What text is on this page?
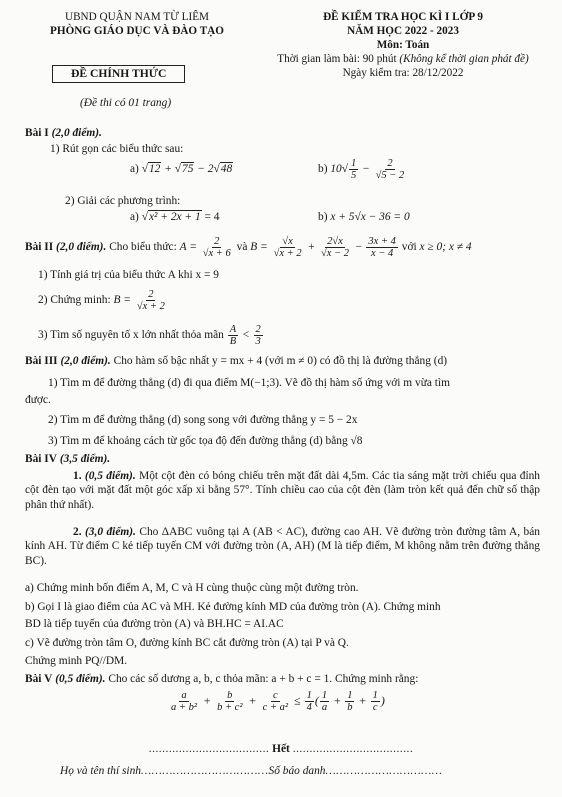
UBND QUẬN NAM TỪ LIÊM
PHÒNG GIÁO DỤC VÀ ĐÀO TẠO
ĐỀ KIỂM TRA HỌC KÌ I LỚP 9
NĂM HỌC 2022 - 2023
Môn: Toán
Thời gian làm bài: 90 phút (Không kể thời gian phát đề)
Ngày kiểm tra: 28/12/2022
ĐỀ CHÍNH THỨC
(Đề thi có 01 trang)
Bài I (2,0 điểm).
1) Rút gọn các biểu thức sau:
a) √12 + √75 − 2√48	b) $10√ \frac{1}{5} - \frac{2}{√5 - 2}$
2) Giải các phương trình:
a) √x² + 2x + 1 = 4	b) x + 5√x − 36 = 0
Bài II (2,0 điểm). Cho biểu thức: $A = \frac{2}{√x + 6}$ và $B = \frac{√x}{√x + 2} + \frac{2√x}{√x - 2} - \frac{3x + 4}{x - 4}$ với x ≥ 0; x ≠ 4
1) Tính giá trị của biểu thức A khi x = 9
2) Chứng minh: $B = \frac{2}{√x + 2}$
3) Tìm số nguyên tố x lớn nhất thỏa mãn $\frac{A}{B} < \frac{2}{3}$
Bài III (2,0 điểm). Cho hàm số bậc nhất y = mx + 4 (với m ≠ 0) có đồ thị là đường thẳng (d)
1) Tìm m để đường thẳng (d) đi qua điểm M(−1;3). Vẽ đồ thị hàm số ứng với m vừa tìm
được.
2) Tìm m để đường thẳng (d) song song với đường thẳng y = 5 − 2x
3) Tìm m để khoảng cách từ gốc tọa độ đến đường thẳng (d) bằng √8
Bài IV (3,5 điểm).
1. (0,5 điểm). Một cột đèn có bóng chiếu trên mặt đất dài 4,5m. Các tia sáng mặt trời chiếu qua đỉnh cột đèn tạo với mặt đất một góc xấp xỉ bằng 57°. Tính chiều cao của cột đèn (làm tròn kết quả đến chữ số thập phân thứ nhất).
2. (3,0 điểm). Cho ΔABC vuông tại A (AB < AC), đường cao AH. Vẽ đường tròn đường tâm A, bán kính AH. Từ điểm C kẻ tiếp tuyến CM với đường tròn (A, AH) (M là tiếp điểm, M không nằm trên đường thẳng BC).
a) Chứng minh bốn điểm A, M, C và H cùng thuộc cùng một đường tròn.
b) Gọi I là giao điểm của AC và MH. Kẻ đường kính MD của đường tròn (A). Chứng minh
BD là tiếp tuyến của đường tròn (A) và BH.HC = AI.AC
c) Vẽ đường tròn tâm O, đường kính BC cắt đường tròn (A) tại P và Q.
Chứng minh PQ//DM.
Bài V (0,5 điểm). Cho các số dương a, b, c thỏa mãn: a + b + c = 1. Chứng minh rằng:
$\frac{a}{\text{a + b²}} + \frac{b}{\text{b + c²}} + \frac{c}{\text{c + a²}} \le \frac{1}{4}$ ( $\frac{1}{a} + \frac{1}{b} + \frac{1}{c}$ )
.................................... Hết ....................................
Họ và tên thí sinh………………………………Số báo danh……………………………
